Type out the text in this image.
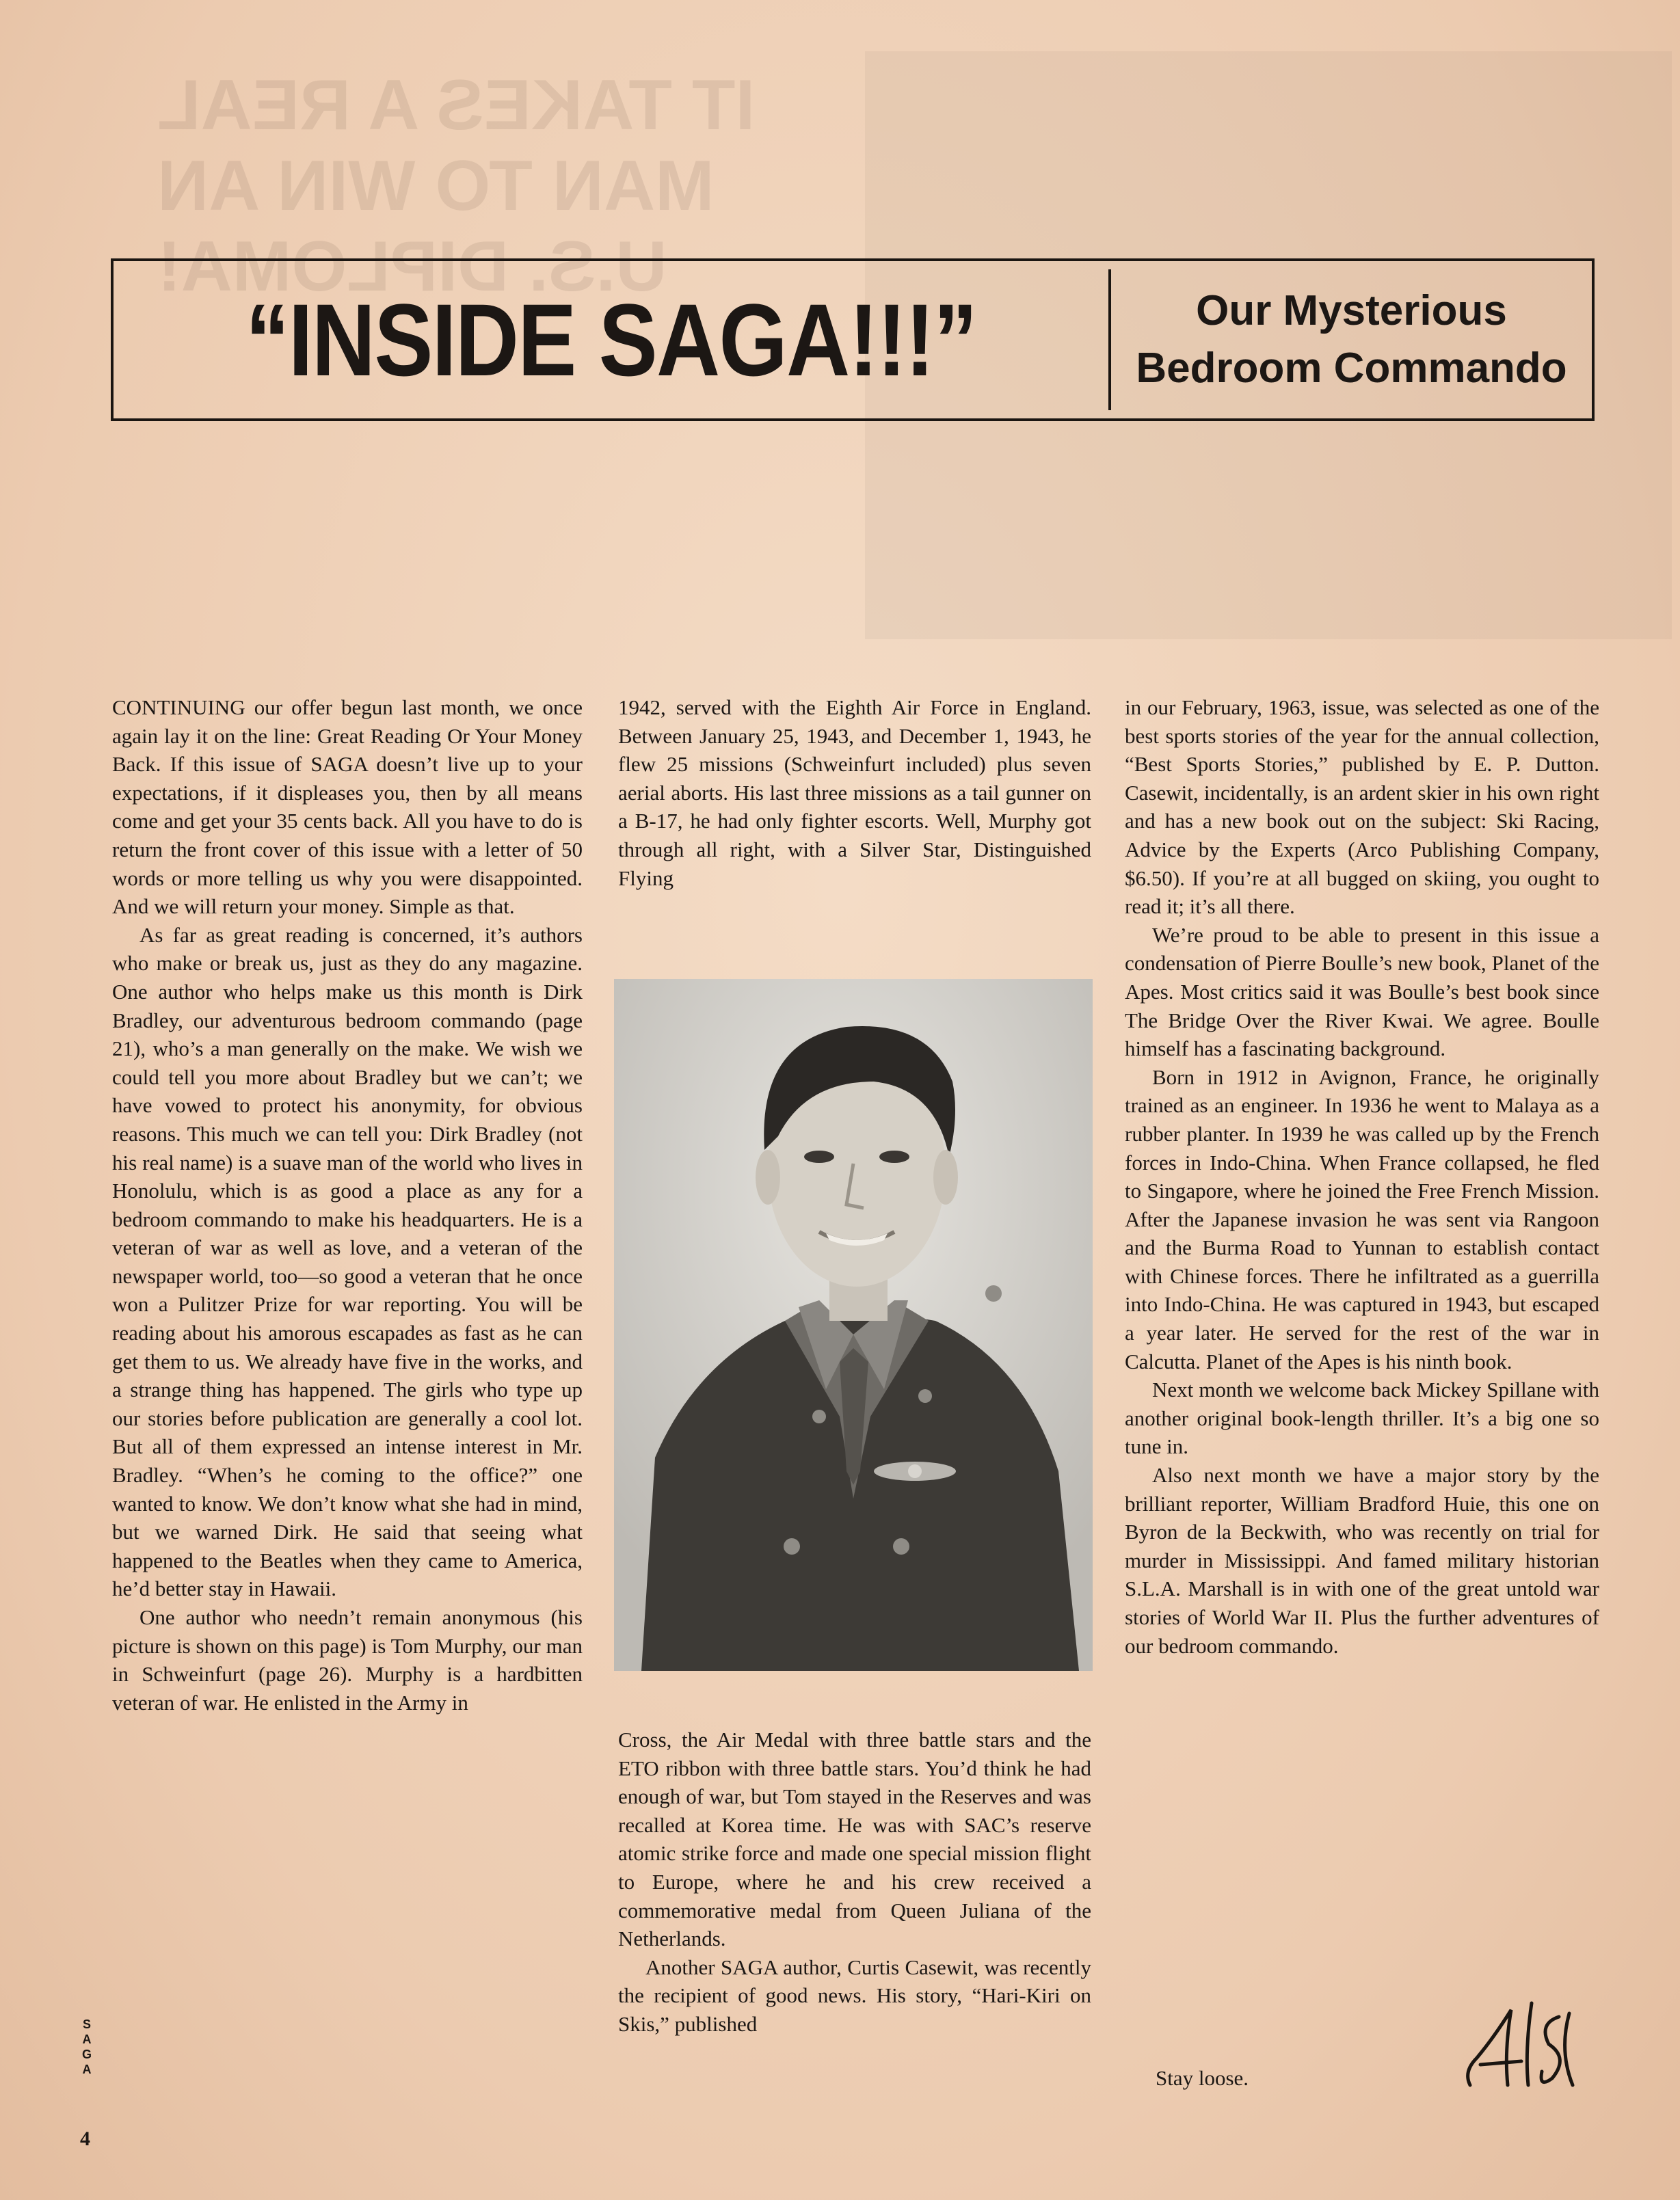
IT TAKES A REAL
MAN TO WIN AN
U.S. DIPLOMA!
“INSIDE SAGA!!!”	Our Mysterious
Bedroom Commando

CONTINUING our offer begun last month, we once again lay it on the line: Great Reading Or Your Money Back. If this issue of SAGA doesn’t live up to your expectations, if it displeases you, then by all means come and get your 35 cents back. All you have to do is return the front cover of this issue with a letter of 50 words or more telling us why you were disappointed. And we will return your money. Simple as that.

As far as great reading is concerned, it’s authors who make or break us, just as they do any magazine. One author who helps make us this month is Dirk Bradley, our adventurous bedroom commando (page 21), who’s a man generally on the make. We wish we could tell you more about Bradley but we can’t; we have vowed to protect his anonymity, for obvious reasons. This much we can tell you: Dirk Bradley (not his real name) is a suave man of the world who lives in Honolulu, which is as good a place as any for a bedroom commando to make his headquarters. He is a veteran of war as well as love, and a veteran of the newspaper world, too—so good a veteran that he once won a Pulitzer Prize for war reporting. You will be reading about his amorous escapades as fast as he can get them to us. We already have five in the works, and a strange thing has happened. The girls who type up our stories before publication are generally a cool lot. But all of them expressed an intense interest in Mr. Bradley. “When’s he coming to the office?” one wanted to know. We don’t know what she had in mind, but we warned Dirk. He said that seeing what happened to the Beatles when they came to America, he’d better stay in Hawaii.

One author who needn’t remain anonymous (his picture is shown on this page) is Tom Murphy, our man in Schweinfurt (page 26). Murphy is a hardbitten veteran of war. He enlisted in the Army in

1942, served with the Eighth Air Force in England. Between January 25, 1943, and December 1, 1943, he flew 25 missions (Schweinfurt included) plus seven aerial aborts. His last three missions as a tail gunner on a B-17, he had only fighter escorts. Well, Murphy got through all right, with a Silver Star, Distinguished Flying

Cross, the Air Medal with three battle stars and the ETO ribbon with three battle stars. You’d think he had enough of war, but Tom stayed in the Reserves and was recalled at Korea time. He was with SAC’s reserve atomic strike force and made one special mission flight to Europe, where he and his crew received a commemorative medal from Queen Juliana of the Netherlands.

Another SAGA author, Curtis Casewit, was recently the recipient of good news. His story, “Hari-Kiri on Skis,” published

in our February, 1963, issue, was selected as one of the best sports stories of the year for the annual collection, “Best Sports Stories,” published by E. P. Dutton. Casewit, incidentally, is an ardent skier in his own right and has a new book out on the subject: Ski Racing, Advice by the Experts (Arco Publishing Company, $6.50). If you’re at all bugged on skiing, you ought to read it; it’s all there.

We’re proud to be able to present in this issue a condensation of Pierre Boulle’s new book, Planet of the Apes. Most critics said it was Boulle’s best book since The Bridge Over the River Kwai. We agree. Boulle himself has a fascinating background.

Born in 1912 in Avignon, France, he originally trained as an engineer. In 1936 he went to Malaya as a rubber planter. In 1939 he was called up by the French forces in Indo-China. When France collapsed, he fled to Singapore, where he joined the Free French Mission. After the Japanese invasion he was sent via Rangoon and the Burma Road to Yunnan to establish contact with Chinese forces. There he infiltrated as a guerrilla into Indo-China. He was captured in 1943, but escaped a year later. He served for the rest of the war in Calcutta. Planet of the Apes is his ninth book.

Next month we welcome back Mickey Spillane with another original book-length thriller. It’s a big one so tune in.

Also next month we have a major story by the brilliant reporter, William Bradford Huie, this one on Byron de la Beckwith, who was recently on trial for murder in Mississippi. And famed military historian S.L.A. Marshall is in with one of the great untold war stories of World War II. Plus the further adventures of our bedroom commando.

Stay loose.
SAGA
4
